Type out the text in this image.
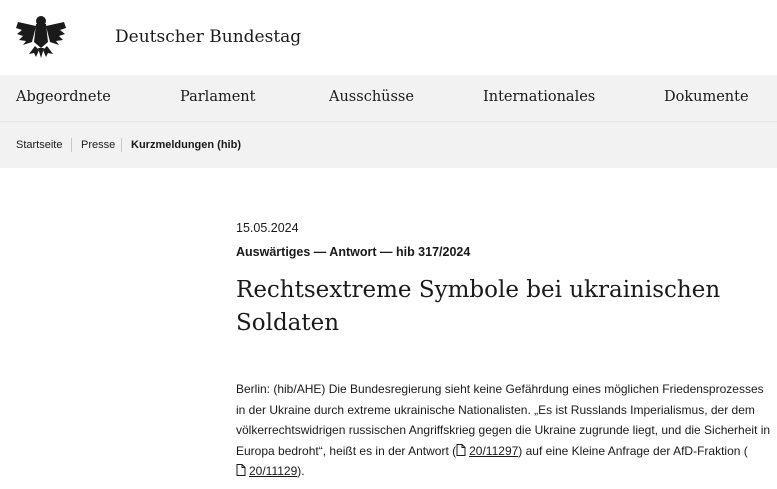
Deutscher Bundestag
Abgeordnete	Parlament	Ausschüsse	Internationales	Dokumente
Startseite Presse Kurzmeldungen (hib)
15.05.2024
Auswärtiges — Antwort — hib 317/2024
Rechtsextreme Symbole bei ukrainischen Soldaten

Berlin: (hib/AHE) Die Bundesregierung sieht keine Gefährdung eines möglichen Friedensprozesses in der Ukraine durch extreme ukrainische Nationalisten. „Es ist Russlands Imperialismus, der dem völkerrechtswidrigen russischen Angriffskrieg gegen die Ukraine zugrunde liegt, und die Sicherheit in Europa bedroht“, heißt es in der Antwort ( 20/11297) auf eine Kleine Anfrage der AfD-Fraktion (20/11129).
